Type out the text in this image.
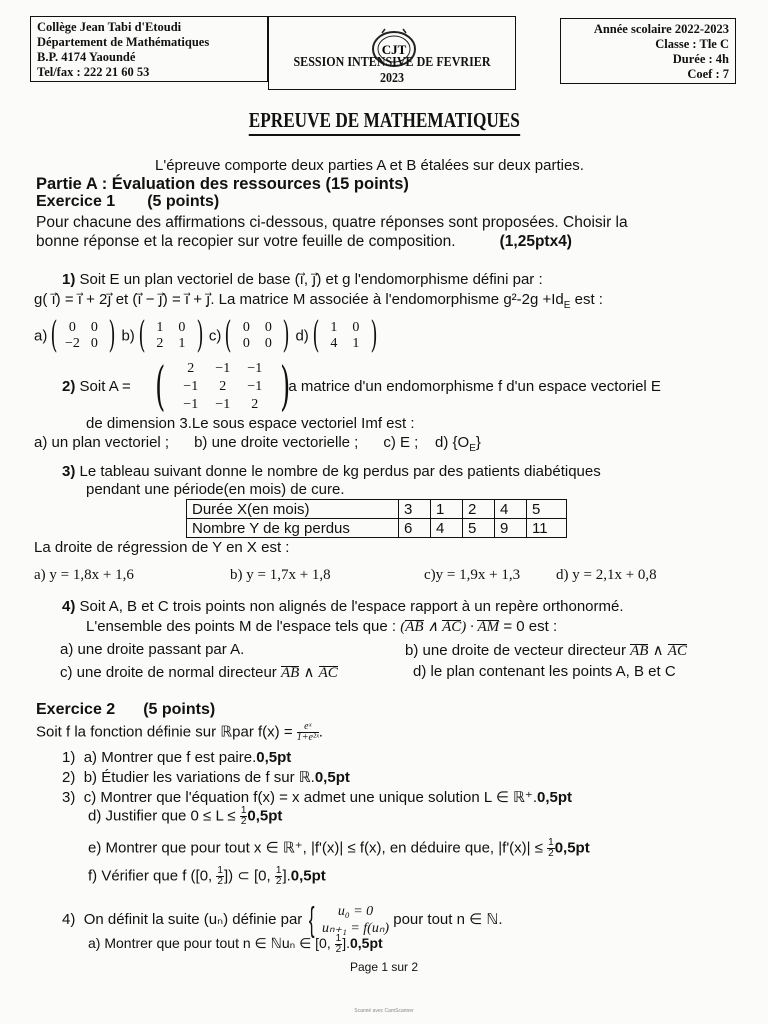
Collège Jean Tabi d'Etoudi
Département de Mathématiques
B.P. 4174 Yaoundé
Tel/fax : 222 21 60 53
CJT
SESSION INTENSIVE DE FEVRIER 2023
Année scolaire 2022-2023
Classe : Tle C
Durée : 4h
Coef : 7
EPREUVE DE MATHEMATIQUES
L'épreuve comporte deux parties A et B étalées sur deux parties.
Partie A : Évaluation des ressources (15 points)
Exercice 1 (5 points)
Pour chacune des affirmations ci-dessous, quatre réponses sont proposées. Choisir la
bonne réponse et la recopier sur votre feuille de composition.	(1,25ptx4)
1) Soit E un plan vectoriel de base (i⃗, j⃗) et g l'endomorphisme défini par :
g( i⃗) = i⃗ + 2j⃗ et (i⃗ − j⃗) = i⃗ + j⃗. La matrice M associée à l'endomorphisme $g^2-2g +Id_E$ est :
a)( 0	0
−2 0 ) b)( 1	0
2	1 ) c)( 0	0
0	0 ) d)( 1	0
4	1 )
2) Soit A = (	2	−1	−1
−1	2	−1
−1	−1	2 )
la matrice d'un endomorphisme f d'un espace vectoriel E
de dimension 3.Le sous espace vectoriel Imf est :
a) un plan vectoriel ;      b) une droite vectorielle ;      c) E ;    d) $\{O_E\}$
3) Le tableau suivant donne le nombre de kg perdus par des patients diabétiques
pendant une période(en mois) de cure.
Durée X(en mois)	3	1	2	4	5
Nombre Y de kg perdus	6	4	5	9	11
La droite de régression de Y en X est :
a) y = 1,8x + 1,6	b) y = 1,7x + 1,8	c)y = 1,9x + 1,3 d) y = 2,1x + 0,8
4) Soit A, B et C trois points non alignés de l'espace rapport à un repère orthonormé.
L'ensemble des points M de l'espace tels que : (AB ∧ AC) · AM = 0 est :
a) une droite passant par A.	b) une droite de vecteur directeur AB ∧ AC
c) une droite de normal directeur AB ∧ AC	d) le plan contenant les points A, B et C
Exercice 2 (5 points)
Soit f la fonction définie sur ℝpar $f(x) = \frac{\text{eˣ}}{\text{1+e²ˣ}}$ .
1) a) Montrer que f est paire.0,5pt
2) b) Étudier les variations de f sur ℝ.0,5pt
3) c) Montrer que l'équation f(x) = x admet une unique solution L ∈ ℝ⁺.0,5pt
d) Justifier que $0 \le L \le \frac{1}{2} 0,5pt$
e) Montrer que pour tout x ∈ ℝ⁺, |f'(x)| ≤ f(x), en déduire que, $|f'(x)| \le \frac{1}{2} 0,5pt$
f) Vérifier que f ([0, $\frac{1}{2}$ ]) ⊂ [0, $\frac{1}{2} ].0,5pt$
4) On définit la suite (uₙ) définie par {	u₀ = 0
uₙ₊₁ = f(uₙ)
pour tout n ∈ ℕ.
a) Montrer que pour tout n ∈ ℕuₙ ∈ [0, $\frac{1}{2} ].0,5pt$
Page 1 sur 2
Scanné avec CamScanner
